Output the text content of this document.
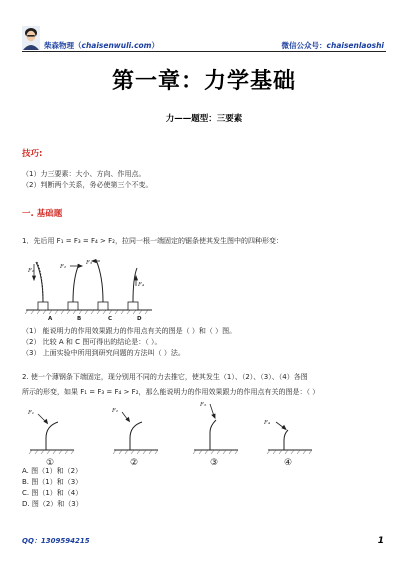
柴森物理（chaisenwuli.com）	微信公众号：chaisenlaoshi
第一章：力学基础
力——题型：三要素
技巧:
（1）力三要素：大小、方向、作用点。
（2）判断两个关系，务必使第三个不变。
一. 基础题
1．先后用 F₁ = F₃ = F₄ > F₂，拉同一根一端固定的锯条使其发生图中的四种形变：
F₁
F₂
F₃
F₄
A	B	C	D
（1） 能说明力的作用效果跟力的作用点有关的图是（ ）和（ ）图。
（2） 比较 A 和 C 图可得出的结论是：（ ）。
（3） 上面实验中所用到研究问题的方法叫（ ）法。
2. 使一个薄钢条下端固定，现分别用不同的力去推它，使其发生（1）、（2）、（3）、（4）各图
所示的形变，如果 F₁ = F₃ = F₄ > F₂，那么能说明力的作用效果跟力的作用点有关的图是：（ ）
F₁	F₂
F₃
F₄
①	②	③	④
A. 图（1）和（2）
B. 图（1）和（3）
C. 图（1）和（4）
D. 图（2）和（3）
QQ：1309594215	1
